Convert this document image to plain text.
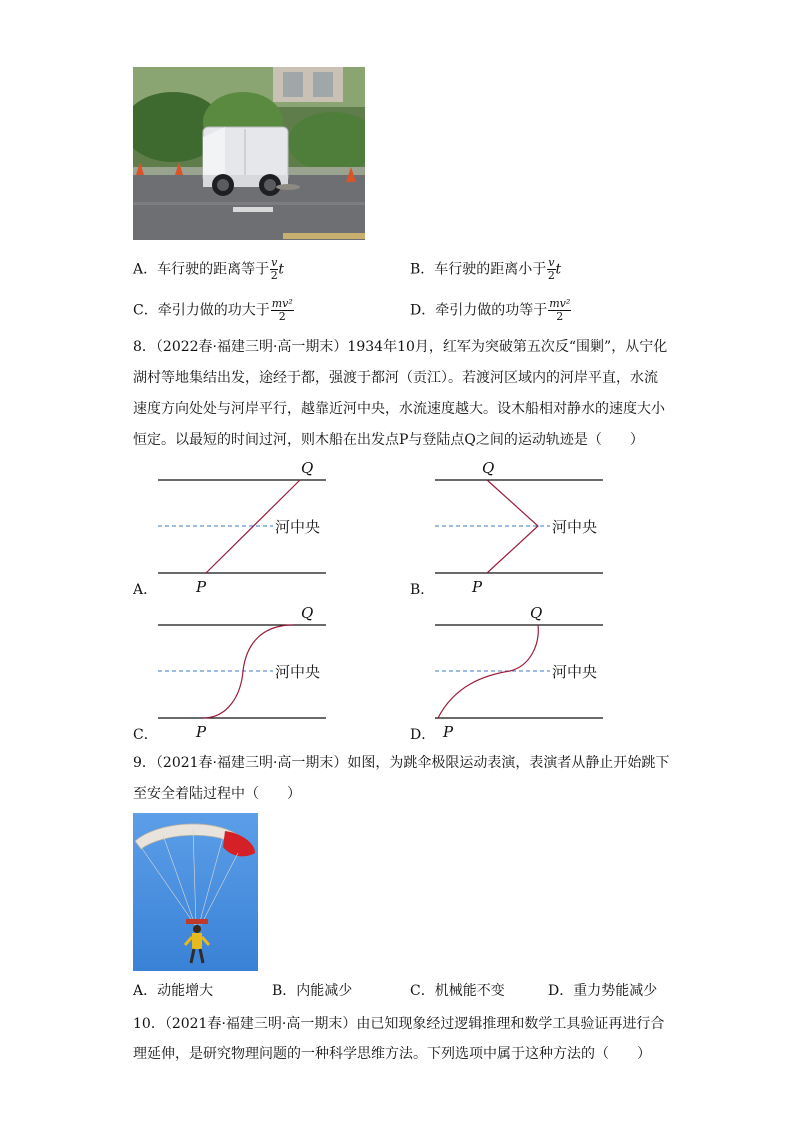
A．车行驶的距离等于 $\frac{v}{2}$ t	B．车行驶的距离小于 $\frac{v}{2}$ t
C．牵引力做的功大于 $\frac{\text{mv²}}{2}$	D．牵引力做的功等于 $\frac{\text{mv²}}{2}$
8．（2022春·福建三明·高一期末）1934年10月，红军为突破第五次反“围剿”，从宁化
湖村等地集结出发，途经于都，强渡于都河（贡江）。若渡河区域内的河岸平直，水流
速度方向处处与河岸平行，越靠近河中央，水流速度越大。设木船相对静水的速度大小
恒定。以最短的时间过河，则木船在出发点P与登陆点Q之间的运动轨迹是（　　）
河中央
Q
P
A．
河中央
Q
P
B．
河中央
Q
P
C．
河中央
Q
P
D．
9．（2021春·福建三明·高一期末）如图，为跳伞极限运动表演，表演者从静止开始跳下
至安全着陆过程中（　　）
A．动能增大	B．内能减少	C．机械能不变	D．重力势能减少
10．（2021春·福建三明·高一期末）由已知现象经过逻辑推理和数学工具验证再进行合
理延伸，是研究物理问题的一种科学思维方法。下列选项中属于这种方法的（　　）
